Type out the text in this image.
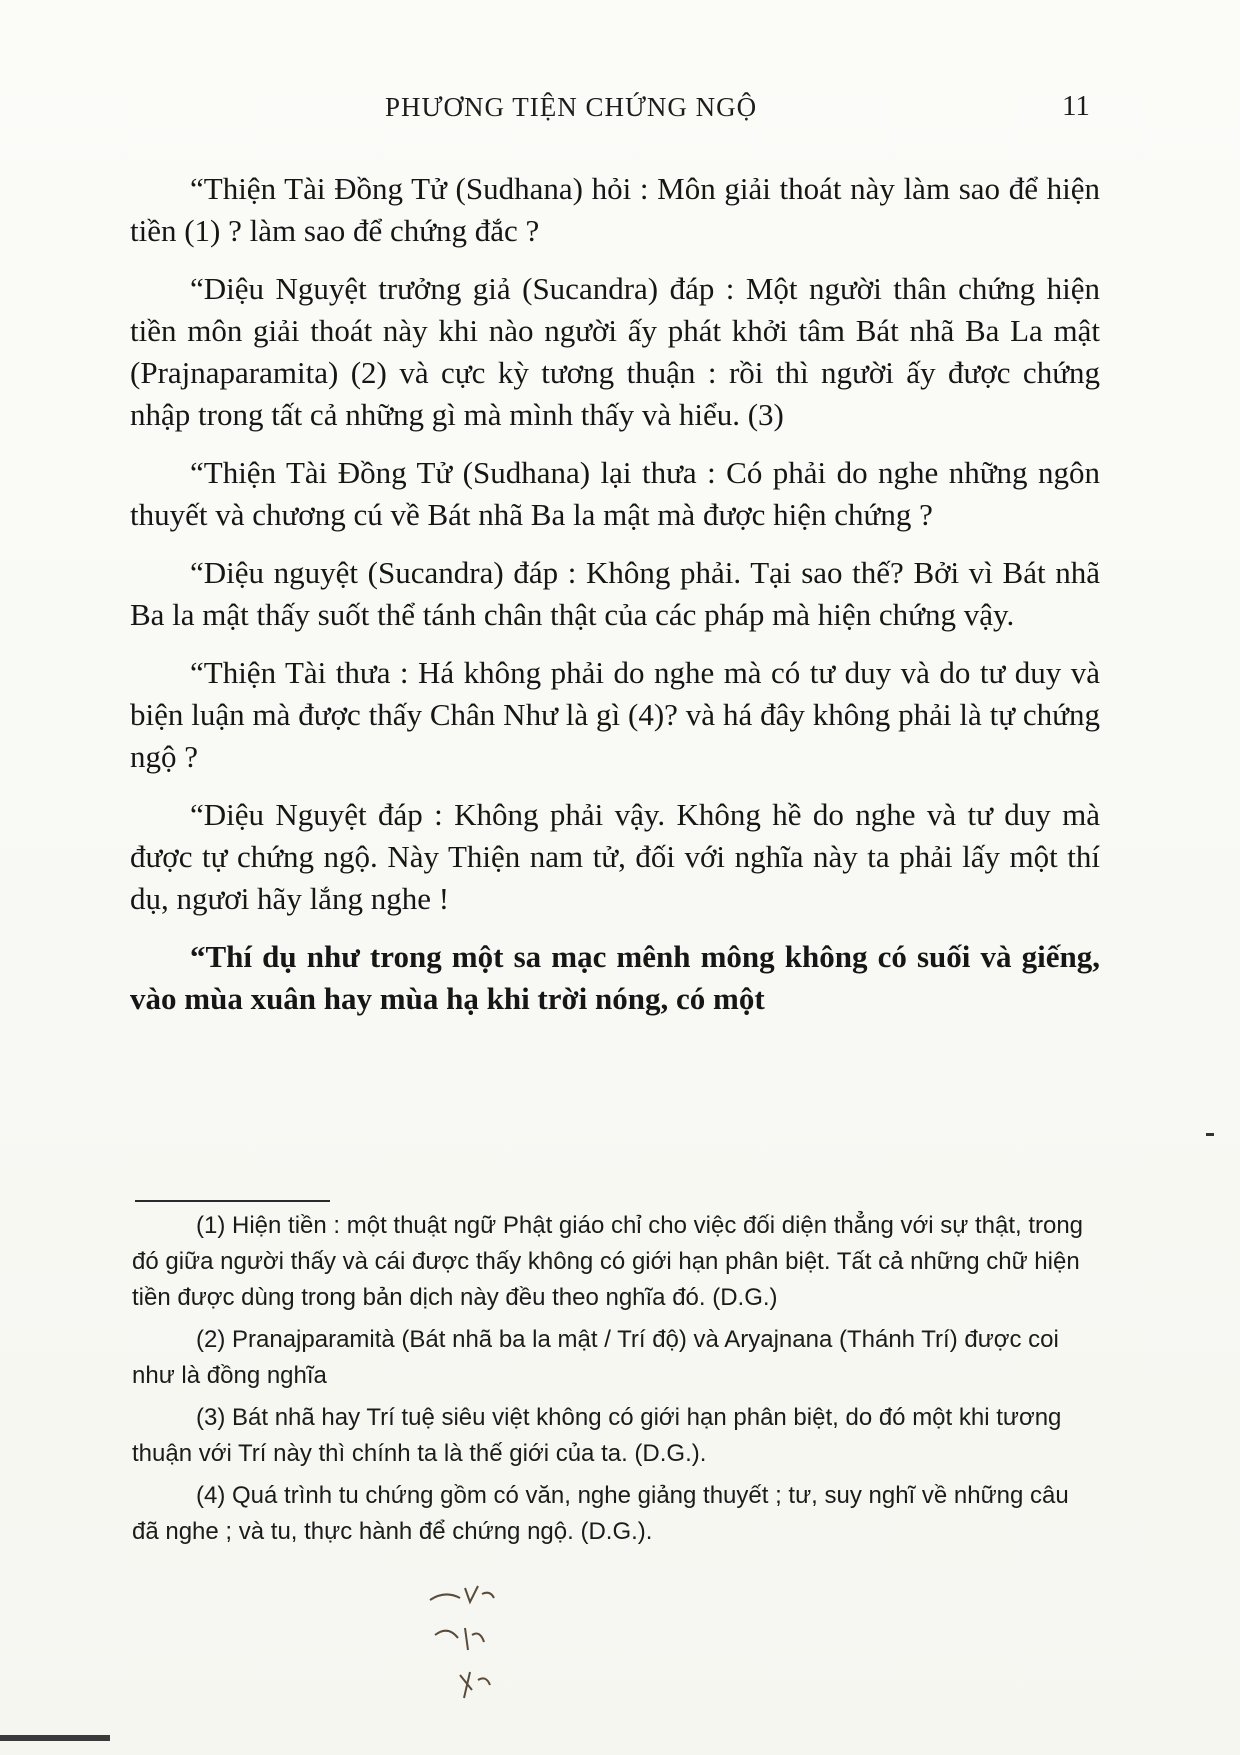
PHƯƠNG TIỆN CHỨNG NGỘ	11

“Thiện Tài Đồng Tử (Sudhana) hỏi : Môn giải thoát này làm sao để hiện tiền (1) ? làm sao để chứng đắc ?

“Diệu Nguyệt trưởng giả (Sucandra) đáp : Một người thân chứng hiện tiền môn giải thoát này khi nào người ấy phát khởi tâm Bát nhã Ba La mật (Prajnaparamita) (2) và cực kỳ tương thuận : rồi thì người ấy được chứng nhập trong tất cả những gì mà mình thấy và hiểu. (3)

“Thiện Tài Đồng Tử (Sudhana) lại thưa : Có phải do nghe những ngôn thuyết và chương cú về Bát nhã Ba la mật mà được hiện chứng ?

“Diệu nguyệt (Sucandra) đáp : Không phải. Tại sao thế? Bởi vì Bát nhã Ba la mật thấy suốt thể tánh chân thật của các pháp mà hiện chứng vậy.

“Thiện Tài thưa : Há không phải do nghe mà có tư duy và do tư duy và biện luận mà được thấy Chân Như là gì (4)? và há đây không phải là tự chứng ngộ ?

“Diệu Nguyệt đáp : Không phải vậy. Không hề do nghe và tư duy mà được tự chứng ngộ. Này Thiện nam tử, đối với nghĩa này ta phải lấy một thí dụ, ngươi hãy lắng nghe !

“Thí dụ như trong một sa mạc mênh mông không có suối và giếng, vào mùa xuân hay mùa hạ khi trời nóng, có một

(1) Hiện tiền : một thuật ngữ Phật giáo chỉ cho việc đối diện thẳng với sự thật, trong đó giữa người thấy và cái được thấy không có giới hạn phân biệt. Tất cả những chữ hiện tiền được dùng trong bản dịch này đều theo nghĩa đó. (D.G.)

(2) Pranajparamità (Bát nhã ba la mật / Trí độ) và Aryajnana (Thánh Trí) được coi như là đồng nghĩa

(3) Bát nhã hay Trí tuệ siêu việt không có giới hạn phân biệt, do đó một khi tương thuận với Trí này thì chính ta là thế giới của ta. (D.G.).

(4) Quá trình tu chứng gồm có văn, nghe giảng thuyết ; tư, suy nghĩ về những câu đã nghe ; và tu, thực hành để chứng ngộ. (D.G.).
